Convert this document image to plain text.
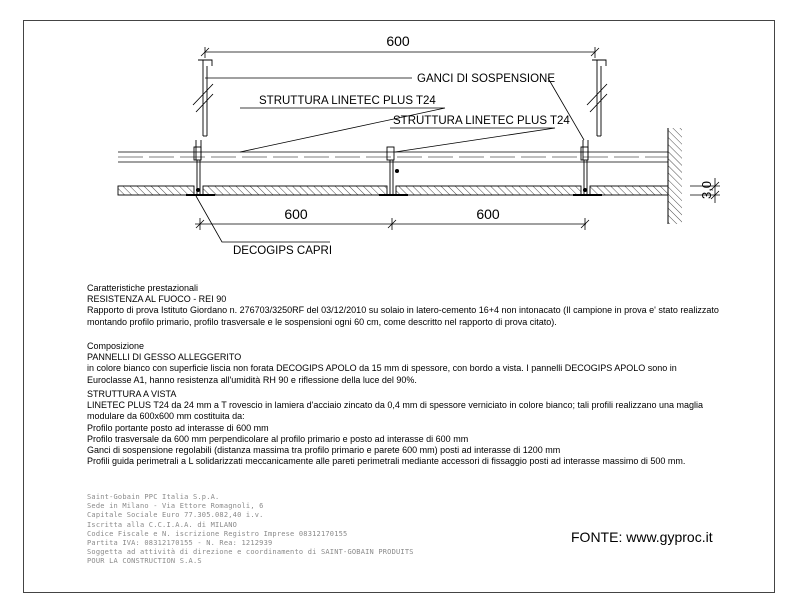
600
3,0
600	600
GANCI DI SOSPENSIONE
STRUTTURA LINETEC PLUS T24
STRUTTURA LINETEC PLUS T24
DECOGIPS CAPRI
Caratteristiche prestazionali
RESISTENZA AL FUOCO - REI 90
Rapporto di prova Istituto Giordano n. 276703/3250RF del 03/12/2010 su solaio in latero-cemento 16+4 non intonacato (Il campione in prova e' stato realizzato
montando profilo primario, profilo trasversale e le sospensioni ogni 60 cm, come descritto nel rapporto di prova citato).
Composizione
PANNELLI DI GESSO ALLEGGERITO
in colore bianco con superficie liscia non forata DECOGIPS APOLO da 15 mm di spessore, con bordo a vista. I pannelli DECOGIPS APOLO sono in
Euroclasse A1, hanno resistenza all'umidità RH 90 e riflessione della luce del 90%.
STRUTTURA A VISTA
LINETEC PLUS T24 da 24 mm a T rovescio in lamiera d'acciaio zincato da 0,4 mm di spessore verniciato in colore bianco; tali profili realizzano una maglia
modulare da 600x600 mm costituita da:
Profilo portante posto ad interasse di 600 mm
Profilo trasversale da 600 mm perpendicolare al profilo primario e posto ad interasse di 600 mm
Ganci di sospensione regolabili (distanza massima tra profilo primario e parete 600 mm) posti ad interasse di 1200 mm
Profili guida perimetrali a L solidarizzati meccanicamente alle pareti perimetrali mediante accessori di fissaggio posti ad interasse massimo di 500 mm.
Saint-Gobain PPC Italia S.p.A.
Sede in Milano - Via Ettore Romagnoli, 6
Capitale Sociale Euro 77.305.082,40 i.v.
Iscritta alla C.C.I.A.A. di MILANO
Codice Fiscale e N. iscrizione Registro Imprese 08312170155
Partita IVA: 08312170155 - N. Rea: 1212939
Soggetta ad attività di direzione e coordinamento di SAINT-GOBAIN PRODUITS
POUR LA CONSTRUCTION S.A.S
FONTE: www.gyproc.it
